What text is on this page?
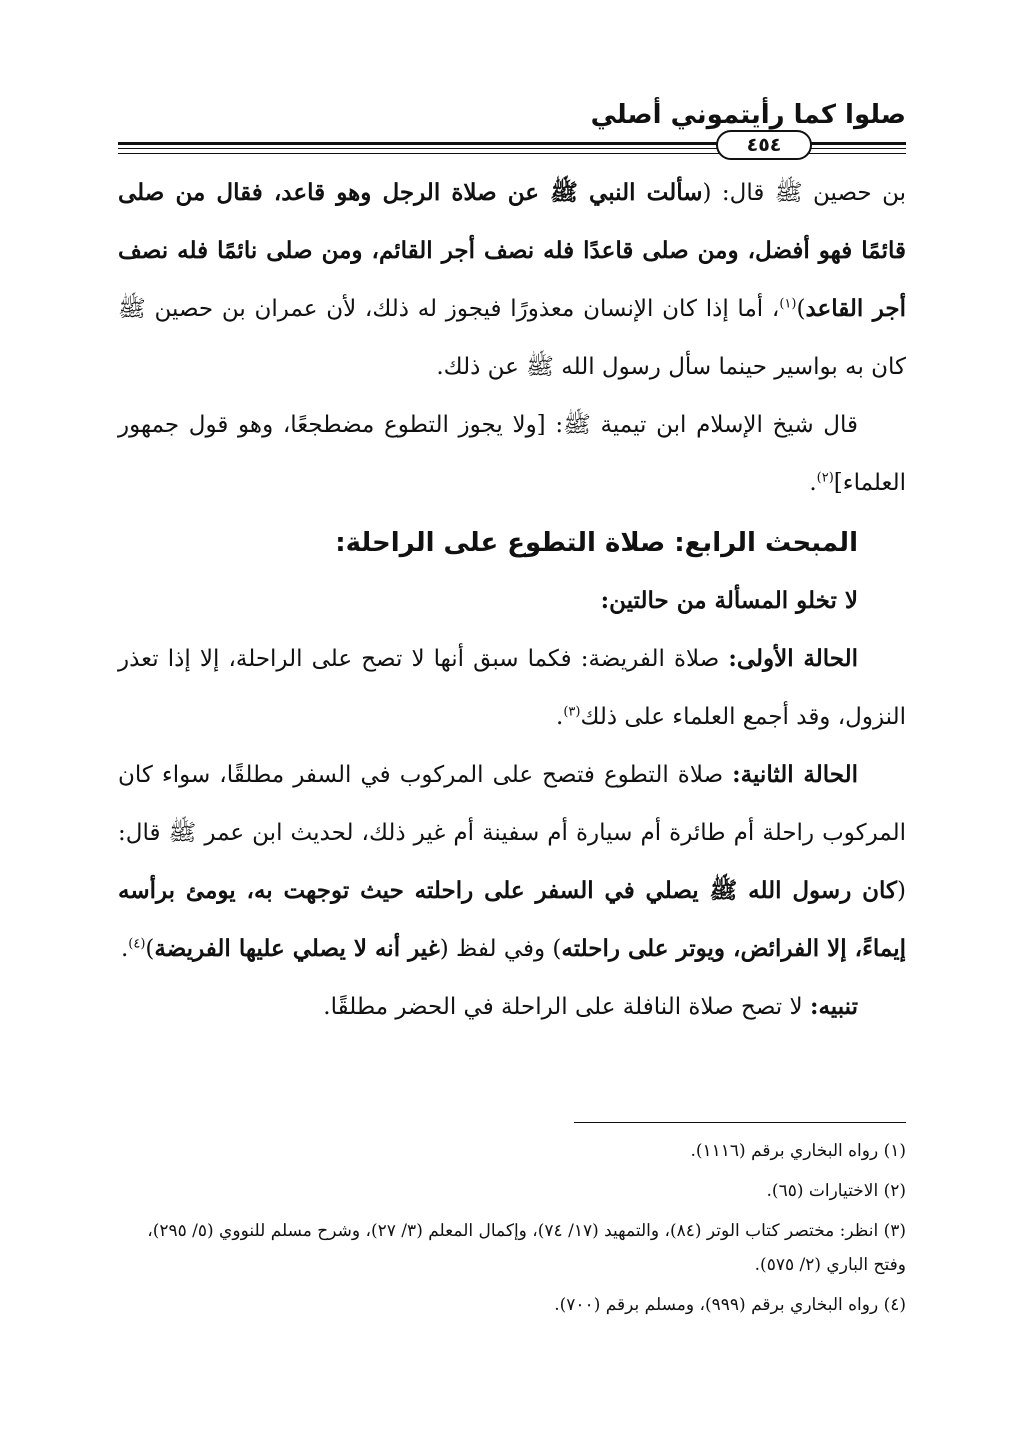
صلوا كما رأيتموني أصلي
٤٥٤

بن حصين ﷺ قال: (سألت النبي ﷺ عن صلاة الرجل وهو قاعد، فقال من صلى قائمًا فهو أفضل، ومن صلى قاعدًا فله نصف أجر القائم، ومن صلى نائمًا فله نصف أجر القاعد)$^{(١)}$، أما إذا كان الإنسان معذورًا فيجوز له ذلك، لأن عمران بن حصين ﷺ كان به بواسير حينما سأل رسول الله ﷺ عن ذلك.

قال شيخ الإسلام ابن تيمية ﷺ: [ولا يجوز التطوع مضطجعًا، وهو قول جمهور العلماء]$^{(٢)}$.

المبحث الرابع: صلاة التطوع على الراحلة:

لا تخلو المسألة من حالتين:

الحالة الأولى: صلاة الفريضة: فكما سبق أنها لا تصح على الراحلة، إلا إذا تعذر النزول، وقد أجمع العلماء على ذلك$^{(٣)}$.

الحالة الثانية: صلاة التطوع فتصح على المركوب في السفر مطلقًا، سواء كان المركوب راحلة أم طائرة أم سيارة أم سفينة أم غير ذلك، لحديث ابن عمر ﷺ قال: (كان رسول الله ﷺ يصلي في السفر على راحلته حيث توجهت به، يومئ برأسه إيماءً، إلا الفرائض، ويوتر على راحلته) وفي لفظ (غير أنه لا يصلي عليها الفريضة)$^{(٤)}$.

تنبيه: لا تصح صلاة النافلة على الراحلة في الحضر مطلقًا.

(١) رواه البخاري برقم (١١١٦).

(٢) الاختيارات (٦٥).

(٣) انظر: مختصر كتاب الوتر (٨٤)، والتمهيد (١٧/ ٧٤)، وإكمال المعلم (٣/ ٢٧)، وشرح مسلم للنووي (٥/ ٢٩٥)، وفتح الباري (٢/ ٥٧٥).

(٤) رواه البخاري برقم (٩٩٩)، ومسلم برقم (٧٠٠).
